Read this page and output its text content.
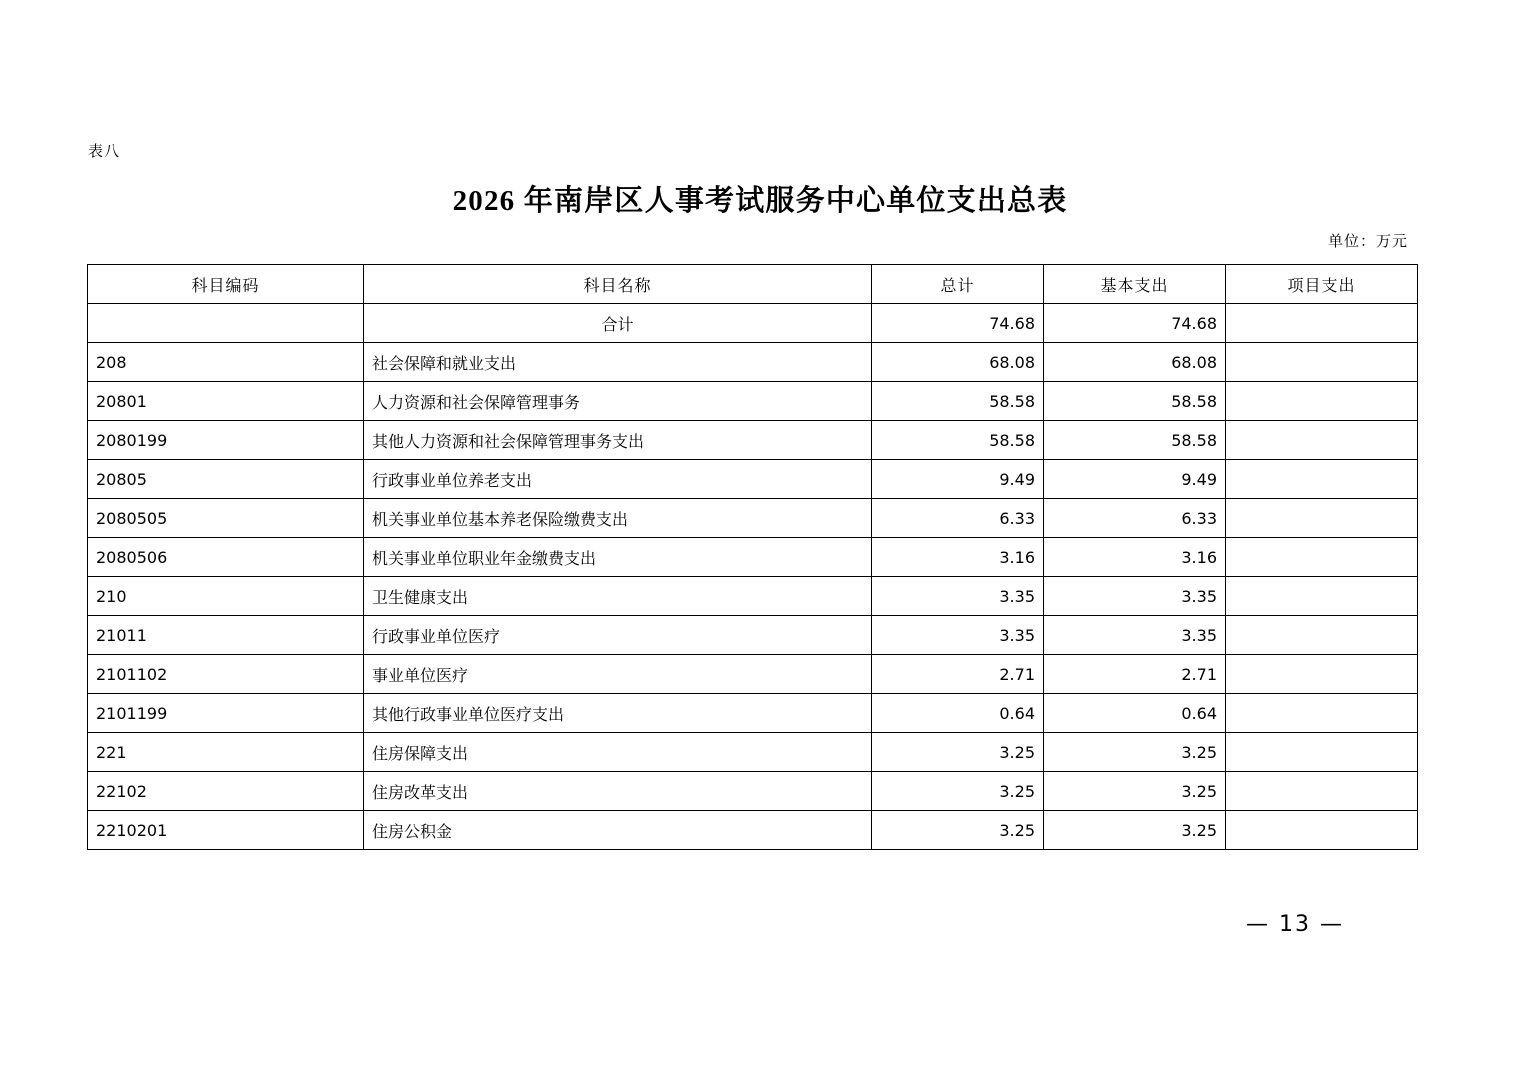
表八
2026 年南岸区人事考试服务中心单位支出总表
单位：万元
科目编码	科目名称	总计	基本支出	项目支出
	合计	74.68	74.68	
208	社会保障和就业支出	68.08	68.08	
20801	人力资源和社会保障管理事务	58.58	58.58	
2080199	其他人力资源和社会保障管理事务支出	58.58	58.58	
20805	行政事业单位养老支出	9.49	9.49	
2080505	机关事业单位基本养老保险缴费支出	6.33	6.33	
2080506	机关事业单位职业年金缴费支出	3.16	3.16	
210	卫生健康支出	3.35	3.35	
21011	行政事业单位医疗	3.35	3.35	
2101102	事业单位医疗	2.71	2.71	
2101199	其他行政事业单位医疗支出	0.64	0.64	
221	住房保障支出	3.25	3.25	
22102	住房改革支出	3.25	3.25	
2210201	住房公积金	3.25	3.25	
— 13 —
